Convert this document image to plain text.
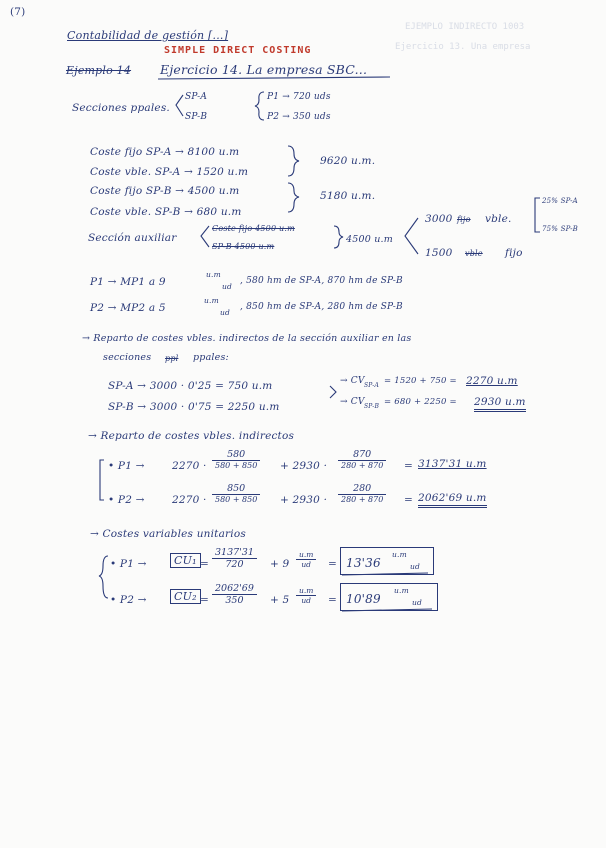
EJEMPLO INDIRECTO 1003
Ejercicio 13. Una empresa
(7)
Contabilidad de gestión [...]
SIMPLE DIRECT COSTING
Ejemplo 14 Ejercicio 14. La empresa SBC...
Secciones ppales.
SP-A
SP-B
P1 → 720 uds
P2 → 350 uds
Coste fijo SP-A → 8100 u.m
Coste vble. SP-A → 1520 u.m
Coste fijo SP-B → 4500 u.m
Coste vble. SP-B → 680 u.m
9620 u.m.
5180 u.m.
Sección auxiliar
Coste fijo 4500 u.m
SP-B 4500 u.m
4500 u.m
3000 fijo vble.
1500 vble fijo
25% SP-A
75% SP-B
P1 → MP1 a 9
u.m
ud
, 580 hm de SP-A, 870 hm de SP-B
P2 → MP2 a 5
u.m
ud
, 850 hm de SP-A, 280 hm de SP-B
→ Reparto de costes vbles. indirectos de la sección auxiliar en las
secciones ppl ppales:
SP-A → 3000 · 0'25 = 750 u.m
SP-B → 3000 · 0'75 = 2250 u.m
→ CV SP-A = 1520 + 750 = 2270 u.m
→ CV SP-B = 680 + 2250 = 2930 u.m
→ Reparto de costes vbles. indirectos
• P1 →	2270 ·
580
580 + 850 + 2930 ·
870
280 + 870 = 3137'31 u.m
• P2 →	2270 ·
850
580 + 850 + 2930 ·
280
280 + 870 = 2062'69 u.m
→ Costes variables unitarios
• P1 →	$CU_1 = \frac{3137'31}{720} + 9 \frac{u.m}{ud} = 13'36$
u.m
ud
• P2 →	$CU_2 = \frac{2062'69}{350} + 5 \frac{u.m}{ud} = 10'89$
u.m
ud
